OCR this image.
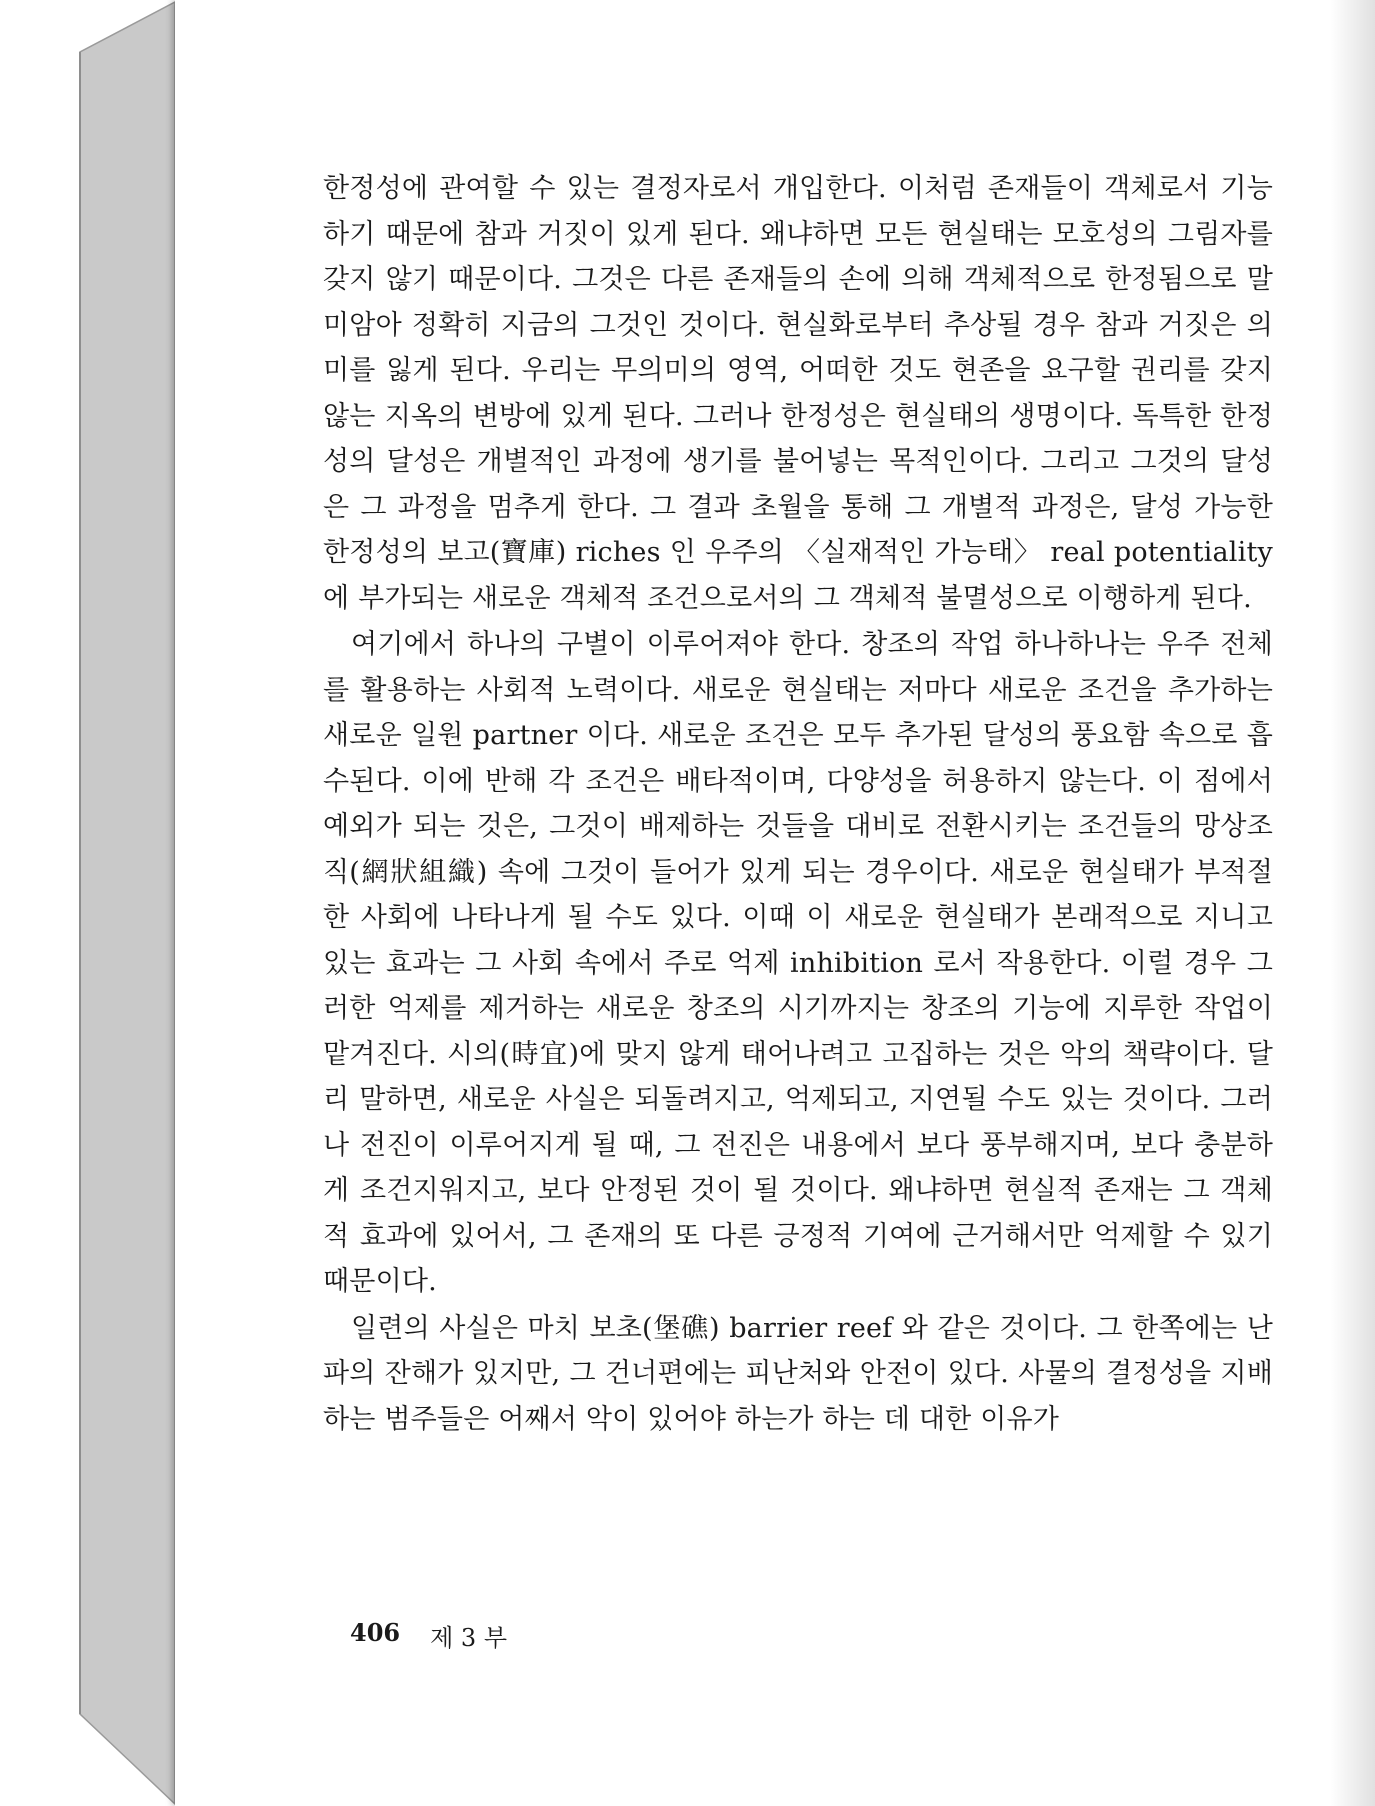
한정성에 관여할 수 있는 결정자로서 개입한다. 이처럼 존재들이 객체로서 기능하기 때문에 참과 거짓이 있게 된다. 왜냐하면 모든 현실태는 모호성의 그림자를 갖지 않기 때문이다. 그것은 다른 존재들의 손에 의해 객체적으로 한정됨으로 말미암아 정확히 지금의 그것인 것이다. 현실화로부터 추상될 경우 참과 거짓은 의미를 잃게 된다. 우리는 무의미의 영역, 어떠한 것도 현존을 요구할 권리를 갖지 않는 지옥의 변방에 있게 된다. 그러나 한정성은 현실태의 생명이다. 독특한 한정성의 달성은 개별적인 과정에 생기를 불어넣는 목적인이다. 그리고 그것의 달성은 그 과정을 멈추게 한다. 그 결과 초월을 통해 그 개별적 과정은, 달성 가능한 한정성의 보고(寶庫) riches 인 우주의 〈실재적인 가능태〉 real potentiality 에 부가되는 새로운 객체적 조건으로서의 그 객체적 불멸성으로 이행하게 된다.

여기에서 하나의 구별이 이루어져야 한다. 창조의 작업 하나하나는 우주 전체를 활용하는 사회적 노력이다. 새로운 현실태는 저마다 새로운 조건을 추가하는 새로운 일원 partner 이다. 새로운 조건은 모두 추가된 달성의 풍요함 속으로 흡수된다. 이에 반해 각 조건은 배타적이며, 다양성을 허용하지 않는다. 이 점에서 예외가 되는 것은, 그것이 배제하는 것들을 대비로 전환시키는 조건들의 망상조직(網狀組織) 속에 그것이 들어가 있게 되는 경우이다. 새로운 현실태가 부적절한 사회에 나타나게 될 수도 있다. 이때 이 새로운 현실태가 본래적으로 지니고 있는 효과는 그 사회 속에서 주로 억제 inhibition 로서 작용한다. 이럴 경우 그러한 억제를 제거하는 새로운 창조의 시기까지는 창조의 기능에 지루한 작업이 맡겨진다. 시의(時宜)에 맞지 않게 태어나려고 고집하는 것은 악의 책략이다. 달리 말하면, 새로운 사실은 되돌려지고, 억제되고, 지연될 수도 있는 것이다. 그러나 전진이 이루어지게 될 때, 그 전진은 내용에서 보다 풍부해지며, 보다 충분하게 조건지워지고, 보다 안정된 것이 될 것이다. 왜냐하면 현실적 존재는 그 객체적 효과에 있어서, 그 존재의 또 다른 긍정적 기여에 근거해서만 억제할 수 있기 때문이다.

일련의 사실은 마치 보초(堡礁) barrier reef 와 같은 것이다. 그 한쪽에는 난파의 잔해가 있지만, 그 건너편에는 피난처와 안전이 있다. 사물의 결정성을 지배하는 범주들은 어째서 악이 있어야 하는가 하는 데 대한 이유가

406 제 3 부
